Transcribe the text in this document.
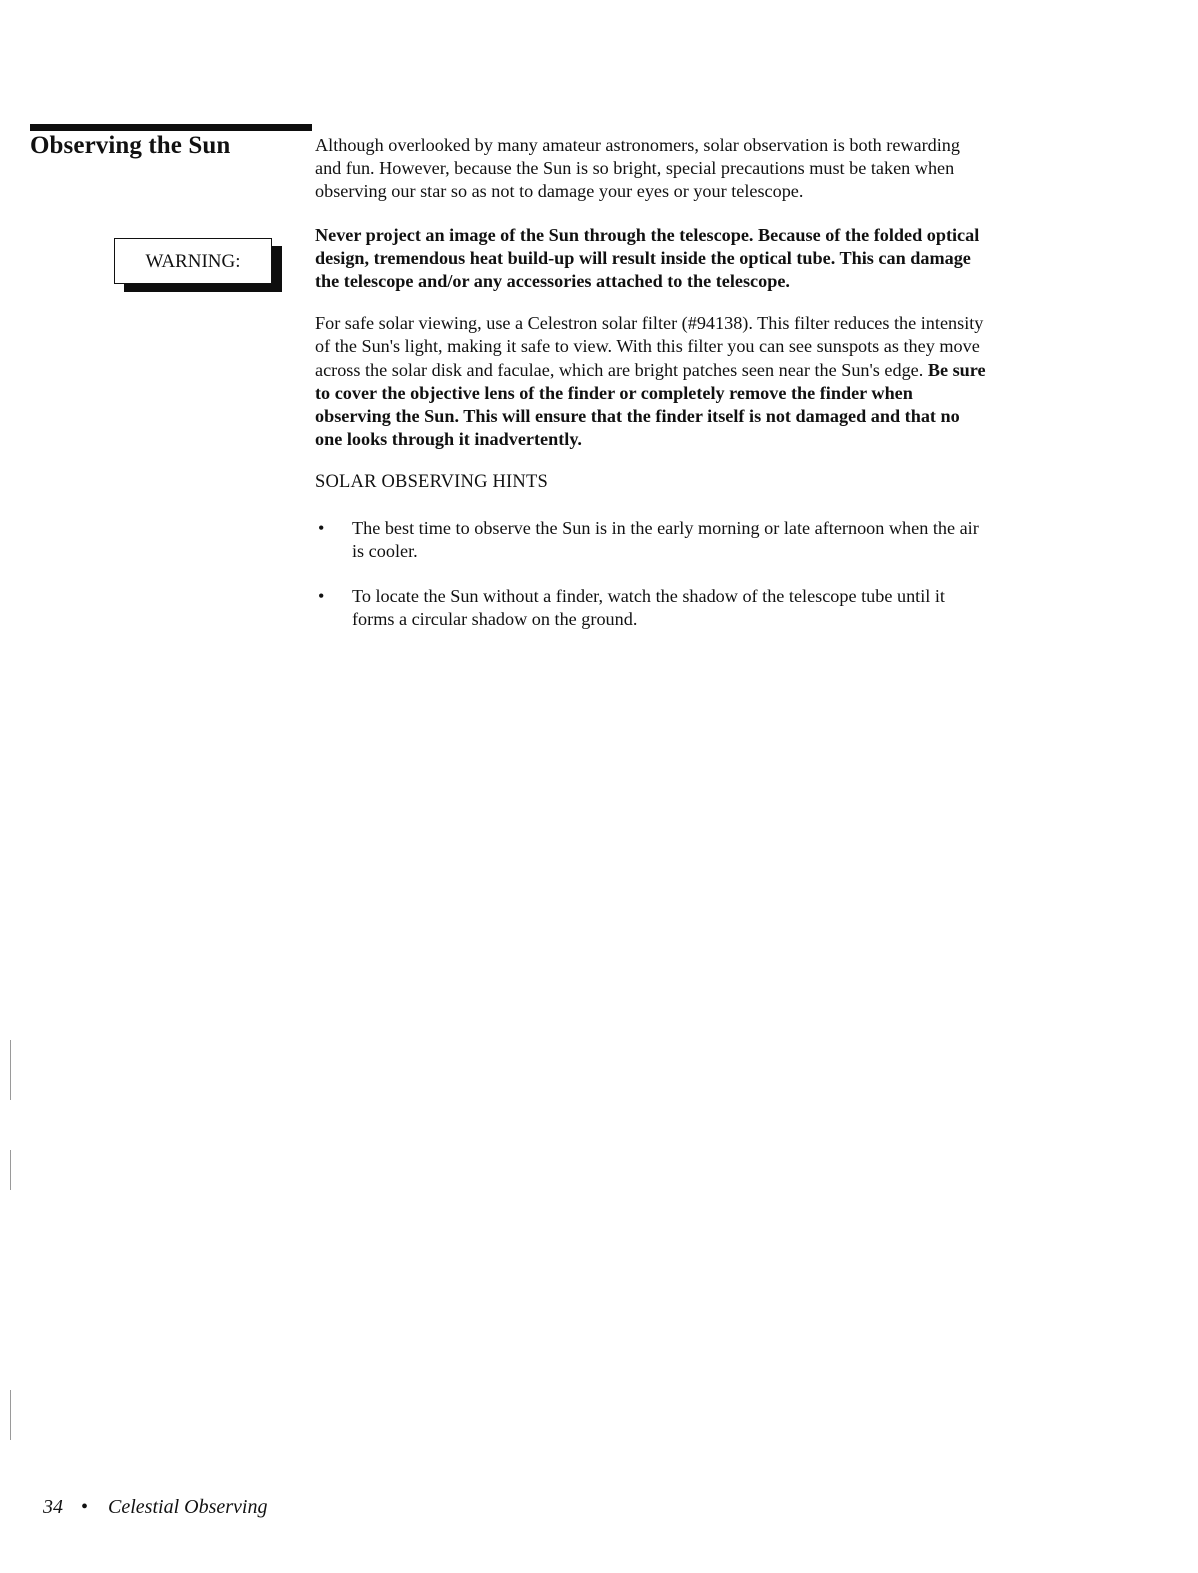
Observing the Sun
WARNING:

Although overlooked by many amateur astronomers, solar observation is both rewarding and fun. However, because the Sun is so bright, special precautions must be taken when observing our star so as not to damage your eyes or your telescope.

Never project an image of the Sun through the telescope. Because of the folded optical design, tremendous heat build-up will result inside the optical tube. This can damage the telescope and/or any accessories attached to the telescope.

For safe solar viewing, use a Celestron solar filter (#94138). This filter reduces the intensity of the Sun's light, making it safe to view. With this filter you can see sunspots as they move across the solar disk and faculae, which are bright patches seen near the Sun's edge. Be sure to cover the objective lens of the finder or completely remove the finder when observing the Sun. This will ensure that the finder itself is not damaged and that no one looks through it inadvertently.

SOLAR OBSERVING HINTS

• The best time to observe the Sun is in the early morning or late afternoon when the air is cooler.
• To locate the Sun without a finder, watch the shadow of the telescope tube until it forms a circular shadow on the ground.
34 • Celestial Observing
